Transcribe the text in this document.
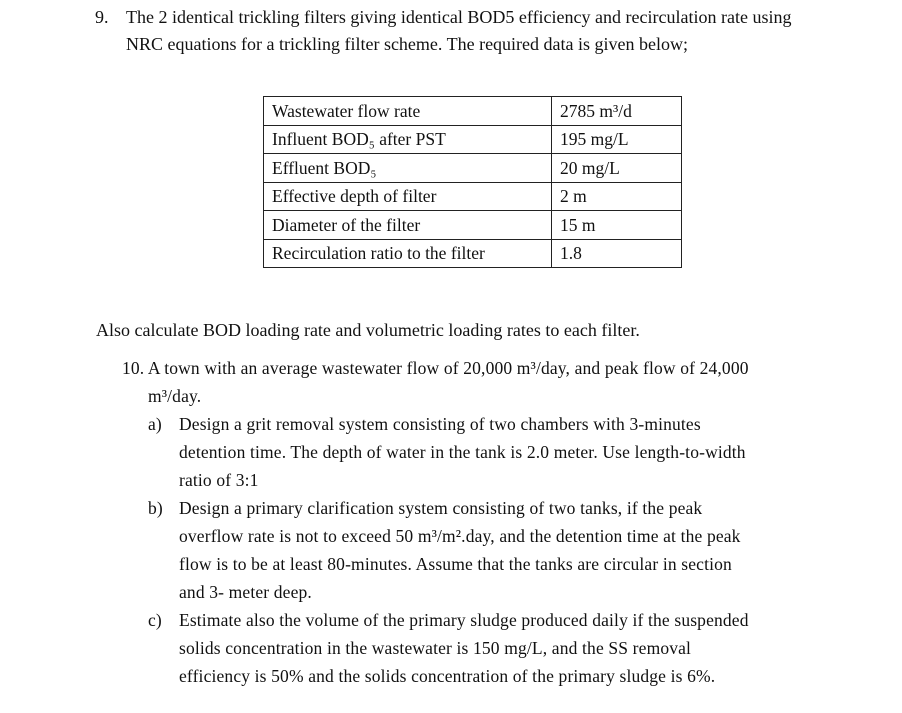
9. The 2 identical trickling filters giving identical BOD5 efficiency and recirculation rate using
NRC equations for a trickling filter scheme. The required data is given below;
Wastewater flow rate	2785 m³/d
Influent BOD₅ after PST	195 mg/L
Effluent BOD₅	20 mg/L
Effective depth of filter	2 m
Diameter of the filter	15 m
Recirculation ratio to the filter	1.8
Also calculate BOD loading rate and volumetric loading rates to each filter.
10. A town with an average wastewater flow of 20,000 m³/day, and peak flow of 24,000
m³/day.
a) Design a grit removal system consisting of two chambers with 3-minutes
detention time. The depth of water in the tank is 2.0 meter. Use length-to-width
ratio of 3:1
b) Design a primary clarification system consisting of two tanks, if the peak
overflow rate is not to exceed 50 m³/m².day, and the detention time at the peak
flow is to be at least 80-minutes. Assume that the tanks are circular in section
and 3- meter deep.
c) Estimate also the volume of the primary sludge produced daily if the suspended
solids concentration in the wastewater is 150 mg/L, and the SS removal
efficiency is 50% and the solids concentration of the primary sludge is 6%.
